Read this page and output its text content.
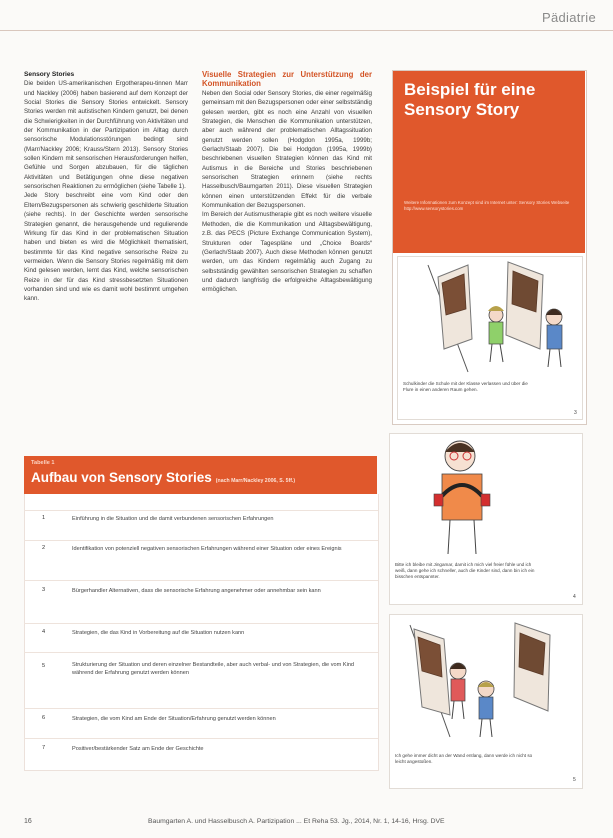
Pädiatrie
Sensory Stories

Die beiden US-amerikanischen Ergotherapeu-tinnen Marr und Nackley (2006) haben basierend auf dem Konzept der Social Stories die Sensory Stories entwickelt. Sensory Stories werden mit autistischen Kindern genutzt, bei denen die Schwierigkeiten in der Durchführung von Aktivitäten und der Kommunikation in der Partizipation im Alltag durch sensorische Modulationsstörungen bedingt sind (Marr/Nackley 2006; Krauss/Stern 2013). Sensory Stories sollen Kindern mit sensorischen Herausforderungen helfen, Gefühle und Sorgen abzubauen, für die täglichen Aktivitäten und Betätigungen ohne diese negativen sensorischen Reaktionen zu ermöglichen (siehe Tabelle 1).

Jede Story beschreibt eine vom Kind oder den Eltern/Bezugspersonen als schwierig geschilderte Situation (siehe rechts). In der Geschichte werden sensorische Strategien genannt, die herausgehende und regulierende Wirkung für das Kind in der problematischen Situation haben und bieten es wird die Möglichkeit thematisiert, bestimmte für das Kind negative sensorische Reize zu vermeiden. Wenn die Sensory Stories regelmäßig mit dem Kind gelesen werden, lernt das Kind, welche sensorischen Reize in der für das Kind stressbesetzten Situationen vorhanden sind und wie es damit wohl bestimmt umgehen kann.

Visuelle Strategien zur Unterstützung der Kommunikation

Neben den Social oder Sensory Stories, die einer regelmäßig gemeinsam mit den Bezugspersonen oder einer selbstständig gelesen werden, gibt es noch eine Anzahl von visuellen Strategien, die Menschen die Kommunikation unterstützen, aber auch während der problematischen Alltagssituation genutzt werden sollen (Hodgdon 1995a, 1999b; Gerlach/Staab 2007). Die bei Hodgdon (1995a, 1999b) beschriebenen visuellen Strategien können das Kind mit Autismus in die Bereiche und Stories beschriebenen sensorischen Strategien erinnern (siehe rechts Hasselbusch/Baumgarten 2011). Diese visuellen Strategien können einen unterstützenden Effekt für die verbale Kommunikation der Bezugspersonen.

Im Bereich der Autismustherapie gibt es noch weitere visuelle Methoden, die die Kommunikation und Alltagsbewältigung, z.B. das PECS (Picture Exchange Communication System), Strukturen oder Tagespläne und „Choice Boards“ (Gerlach/Staab 2007). Auch diese Methoden können genutzt werden, um das Kindern regelmäßig auch Zugang zu selbstständig gewählten sensorischen Strategien zu schaffen und dadurch langfristig die erfolgreiche Alltagsbewältigung ermöglichen.

Beispiel für eine Sensory Story
Weitere Informationen zum Konzept sind im Internet unter: Sensory Stories Webseite http://www.sensorystories.com
Schulkinder die Schule mit der Klasse verlassen und über die Flure in einen anderen Raum gehen.
3
Bitte ich bleibe mit Jingamar, damit ich mich viel freier fühle und ich weiß, dann gehe ich schneller, auch die Kinder sind, dann bin ich ein bisschen entspannter.
4
Ich gehe immer dicht an der Wand entlang, dann werde ich nicht so leicht angestoßen.
5
Tabelle 1
Aufbau von Sensory Stories (nach Marr/Nackley 2006, S. 5ff.)
1	Einführung in die Situation und die damit verbundenen sensorischen Erfahrungen
2	Identifikation von potenziell negativen sensorischen Erfahrungen während einer Situation oder eines Ereignis
3	Bürgerhandler Alternativen, dass die sensorische Erfahrung angenehmer oder annehmbar sein kann
4	Strategien, die das Kind in Vorbereitung auf die Situation nutzen kann
5	Strukturierung der Situation und deren einzelner Bestandteile, aber auch verbal- und von Strategien, die vom Kind während der Erfahrung genutzt werden können
6	Strategien, die vom Kind am Ende der Situation/Erfahrung genutzt werden können
7	Positiver/bestärkender Satz am Ende der Geschichte
16	Baumgarten A. und Hasselbusch A. Partizipation ... Et Reha 53. Jg., 2014, Nr. 1, 14-16, Hrsg. DVE
